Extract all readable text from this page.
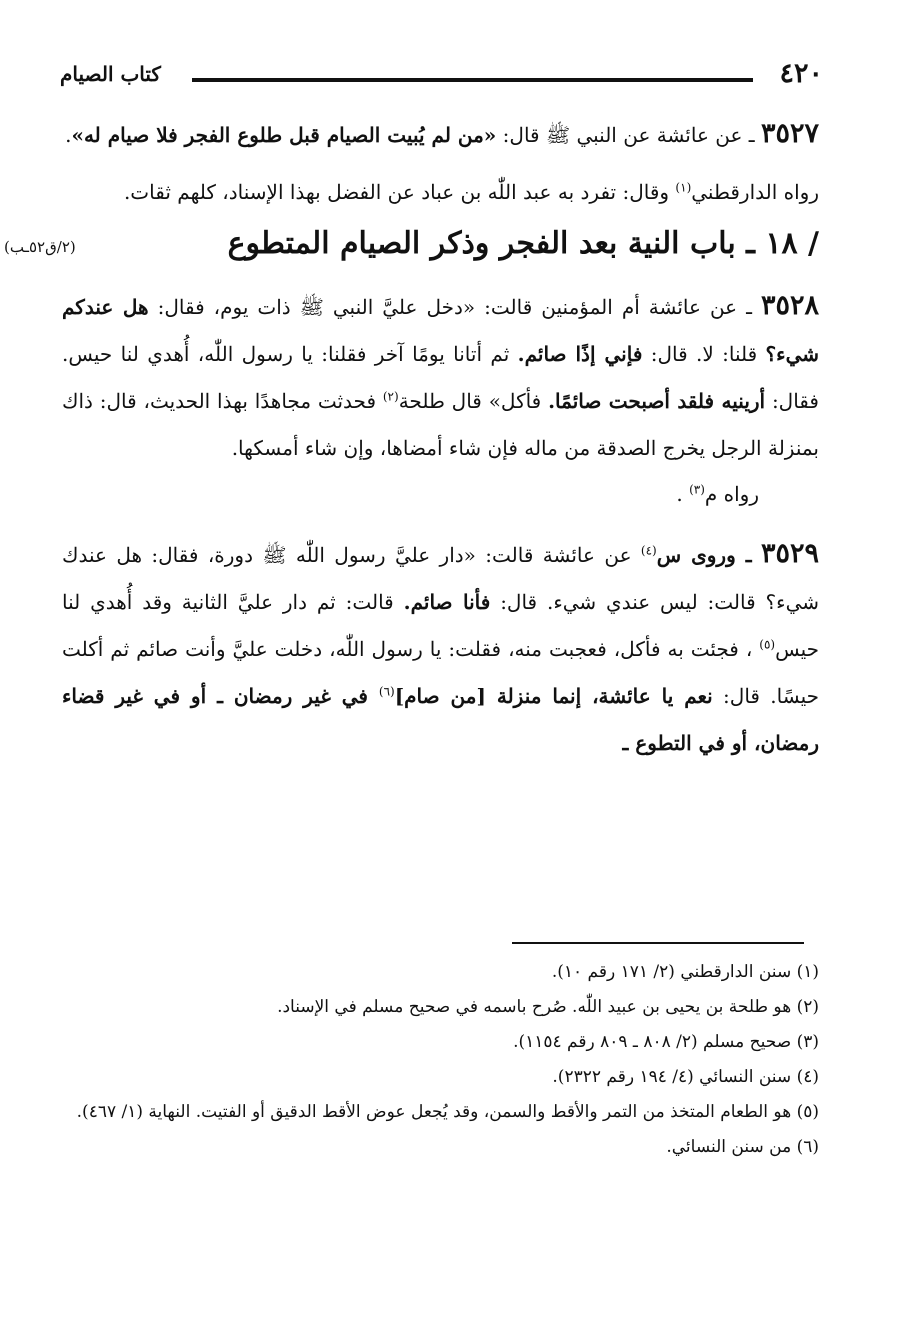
٤٢٠
كتاب الصيام

٣٥٢٧ ـ عن عائشة عن النبي ﷺ قال: «من لم يُبيت الصيام قبل طلوع الفجر فلا صيام له».

رواه الدارقطني$^{(١)}$ وقال: تفرد به عبد اللّٰه بن عباد عن الفضل بهذا الإسناد، كلهم ثقات.

/ ١٨ ـ باب النية بعد الفجر وذكر الصيام المتطوع
(٢/ق٥٢ـب)

٣٥٢٨ ـ عن عائشة أم المؤمنين قالت: «دخل عليَّ النبي ﷺ ذات يوم، فقال: هل عندكم شيء؟ قلنا: لا. قال: فإني إذًا صائم. ثم أتانا يومًا آخر فقلنا: يا رسول اللّٰه، أُهدي لنا حيس. فقال: أرينيه فلقد أصبحت صائمًا. فأكل» قال طلحة$^{(٢)}$ فحدثت مجاهدًا بهذا الحديث، قال: ذاك بمنزلة الرجل يخرج الصدقة من ماله فإن شاء أمضاها، وإن شاء أمسكها.

رواه م$^{(٣)}$ .

٣٥٢٩ ـ وروى س$^{(٤)}$ عن عائشة قالت: «دار عليَّ رسول اللّٰه ﷺ دورة، فقال: هل عندك شيء؟ قالت: ليس عندي شيء. قال: فأنا صائم. قالت: ثم دار عليَّ الثانية وقد أُهدي لنا حيس$^{(٥)}$ ، فجئت به فأكل، فعجبت منه، فقلت: يا رسول اللّٰه، دخلت عليَّ وأنت صائم ثم أكلت حيسًا. قال: نعم يا عائشة، إنما منزلة [من صام]$^{(٦)}$ في غير رمضان ـ أو في غير قضاء رمضان، أو في التطوع ـ

(١) سنن الدارقطني (٢/ ١٧١ رقم ١٠).

(٢) هو طلحة بن يحيى بن عبيد اللّٰه. صُرح باسمه في صحيح مسلم في الإسناد.

(٣) صحيح مسلم (٢/ ٨٠٨ ـ ٨٠٩ رقم ١١٥٤).

(٤) سنن النسائي (٤/ ١٩٤ رقم ٢٣٢٢).

(٥) هو الطعام المتخذ من التمر والأقط والسمن، وقد يُجعل عوض الأقط الدقيق أو الفتيت. النهاية (١/ ٤٦٧).

(٦) من سنن النسائي.
